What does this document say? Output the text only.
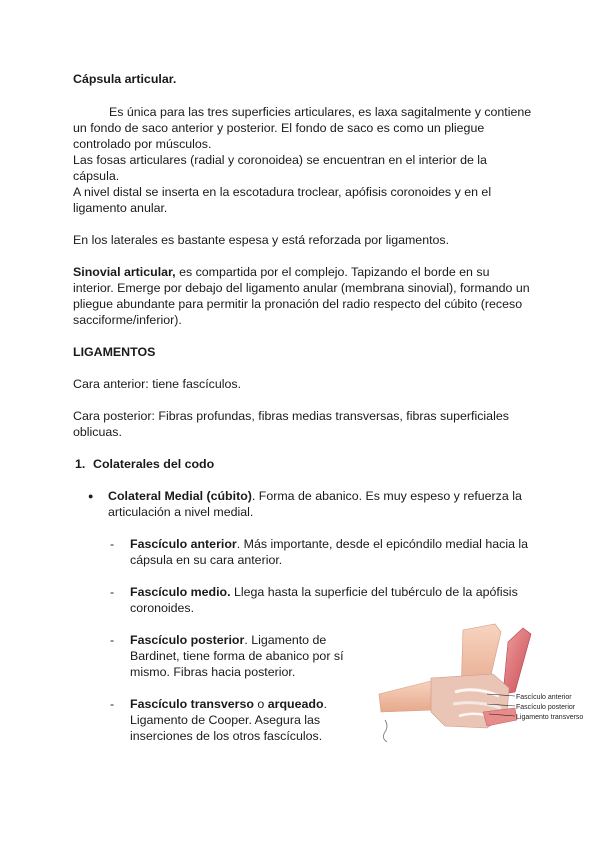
Cápsula articular.

Es única para las tres superficies articulares, es laxa sagitalmente y contiene un fondo de saco anterior y posterior. El fondo de saco es como un pliegue controlado por músculos.

Las fosas articulares (radial y coronoidea) se encuentran en el interior de la cápsula.

A nivel distal se inserta en la escotadura troclear, apófisis coronoides y en el ligamento anular.

En los laterales es bastante espesa y está reforzada por ligamentos.

Sinovial articular, es compartida por el complejo. Tapizando el borde en su interior. Emerge por debajo del ligamento anular (membrana sinovial), formando un pliegue abundante para permitir la pronación del radio respecto del cúbito (receso sacciforme/inferior).

LIGAMENTOS

Cara anterior: tiene fascículos.

Cara posterior: Fibras profundas, fibras medias transversas, fibras superficiales oblicuas.

1. Colaterales del codo
●	Colateral Medial (cúbito). Forma de abanico. Es muy espeso y refuerza la articulación a nivel medial.
-	Fascículo anterior. Más importante, desde el epicóndilo medial hacia la cápsula en su cara anterior.
-	Fascículo medio. Llega hasta la superficie del tubérculo de la apófisis coronoides.
-	Fascículo posterior. Ligamento de Bardinet, tiene forma de abanico por sí mismo. Fibras hacia posterior.
-	Fascículo transverso o arqueado. Ligamento de Cooper. Asegura las inserciones de los otros fascículos.
Fascículo anterior
Fascículo posterior
Ligamento transverso
